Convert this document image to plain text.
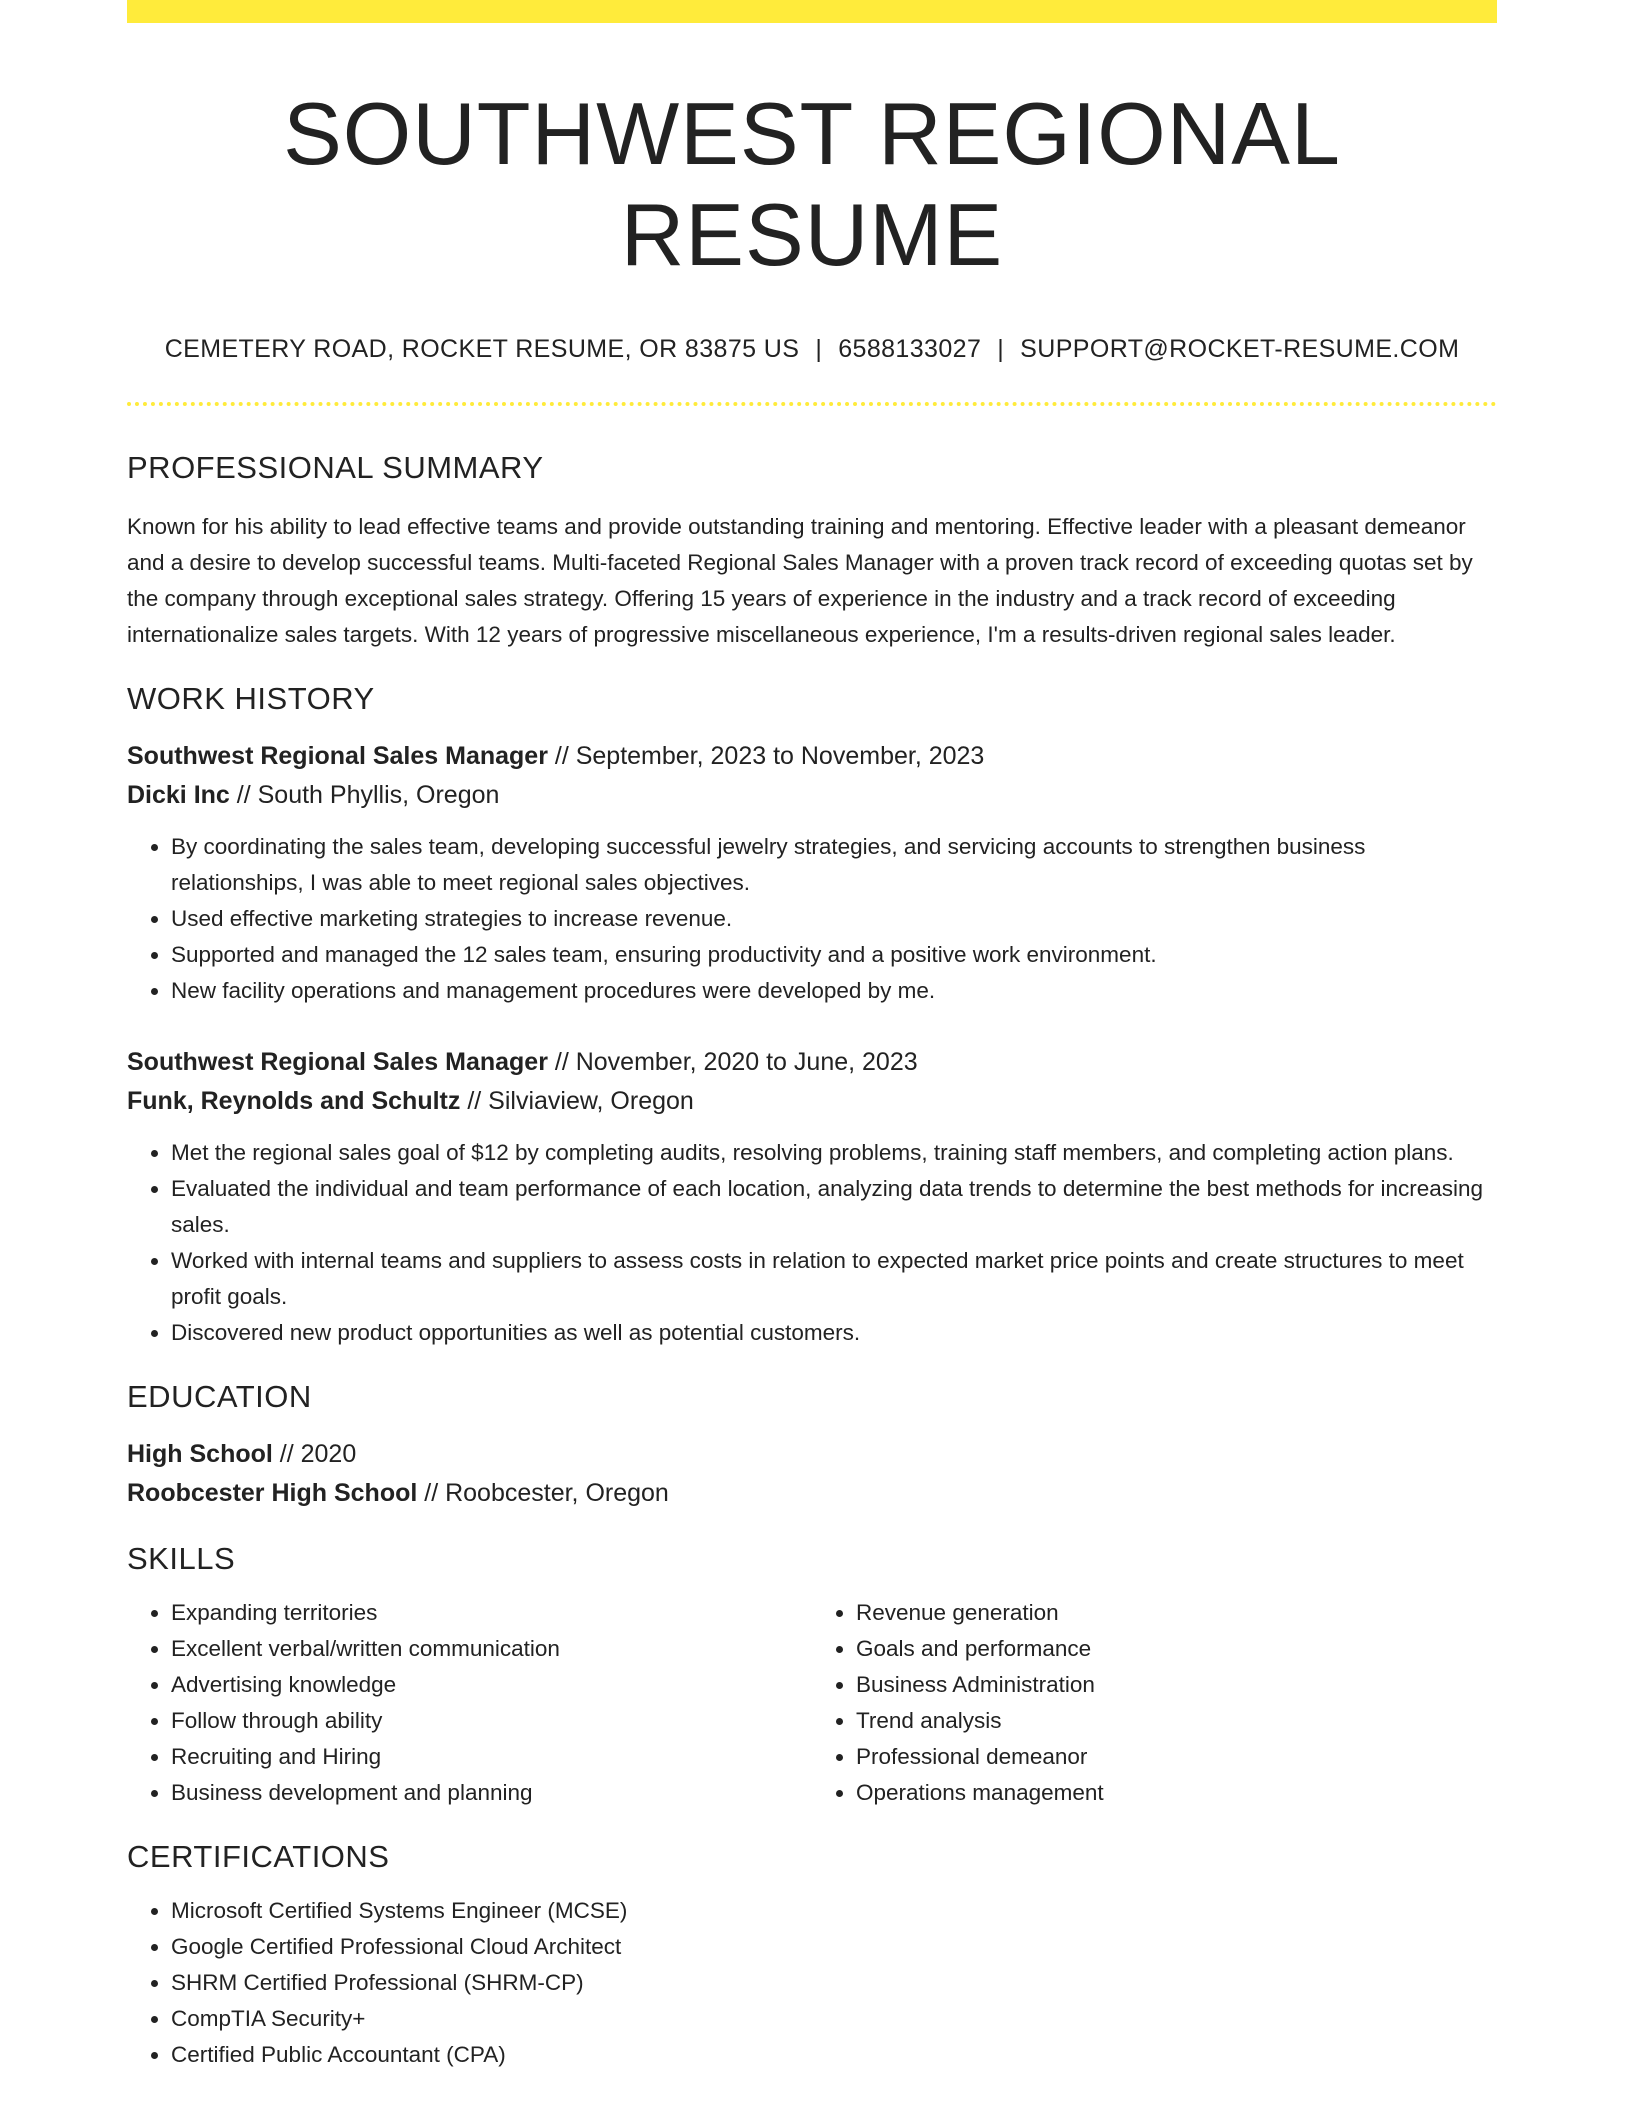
SOUTHWEST REGIONAL RESUME
CEMETERY ROAD, ROCKET RESUME, OR 83875 US | 6588133027 | SUPPORT@ROCKET-RESUME.COM
PROFESSIONAL SUMMARY

Known for his ability to lead effective teams and provide outstanding training and mentoring. Effective leader with a pleasant demeanor and a desire to develop successful teams. Multi-faceted Regional Sales Manager with a proven track record of exceeding quotas set by the company through exceptional sales strategy. Offering 15 years of experience in the industry and a track record of exceeding internationalize sales targets. With 12 years of progressive miscellaneous experience, I'm a results-driven regional sales leader.

WORK HISTORY
Southwest Regional Sales Manager // September, 2023 to November, 2023
Dicki Inc // South Phyllis, Oregon
• By coordinating the sales team, developing successful jewelry strategies, and servicing accounts to strengthen business relationships, I was able to meet regional sales objectives.
• Used effective marketing strategies to increase revenue.
• Supported and managed the 12 sales team, ensuring productivity and a positive work environment.
• New facility operations and management procedures were developed by me.
Southwest Regional Sales Manager // November, 2020 to June, 2023
Funk, Reynolds and Schultz // Silviaview, Oregon
• Met the regional sales goal of $12 by completing audits, resolving problems, training staff members, and completing action plans.
• Evaluated the individual and team performance of each location, analyzing data trends to determine the best methods for increasing sales.
• Worked with internal teams and suppliers to assess costs in relation to expected market price points and create structures to meet profit goals.
• Discovered new product opportunities as well as potential customers.
EDUCATION
High School // 2020
Roobcester High School // Roobcester, Oregon
SKILLS
• Expanding territories
• Excellent verbal/written communication
• Advertising knowledge
• Follow through ability
• Recruiting and Hiring
• Business development and planning
• Revenue generation
• Goals and performance
• Business Administration
• Trend analysis
• Professional demeanor
• Operations management
CERTIFICATIONS
• Microsoft Certified Systems Engineer (MCSE)
• Google Certified Professional Cloud Architect
• SHRM Certified Professional (SHRM-CP)
• CompTIA Security+
• Certified Public Accountant (CPA)
